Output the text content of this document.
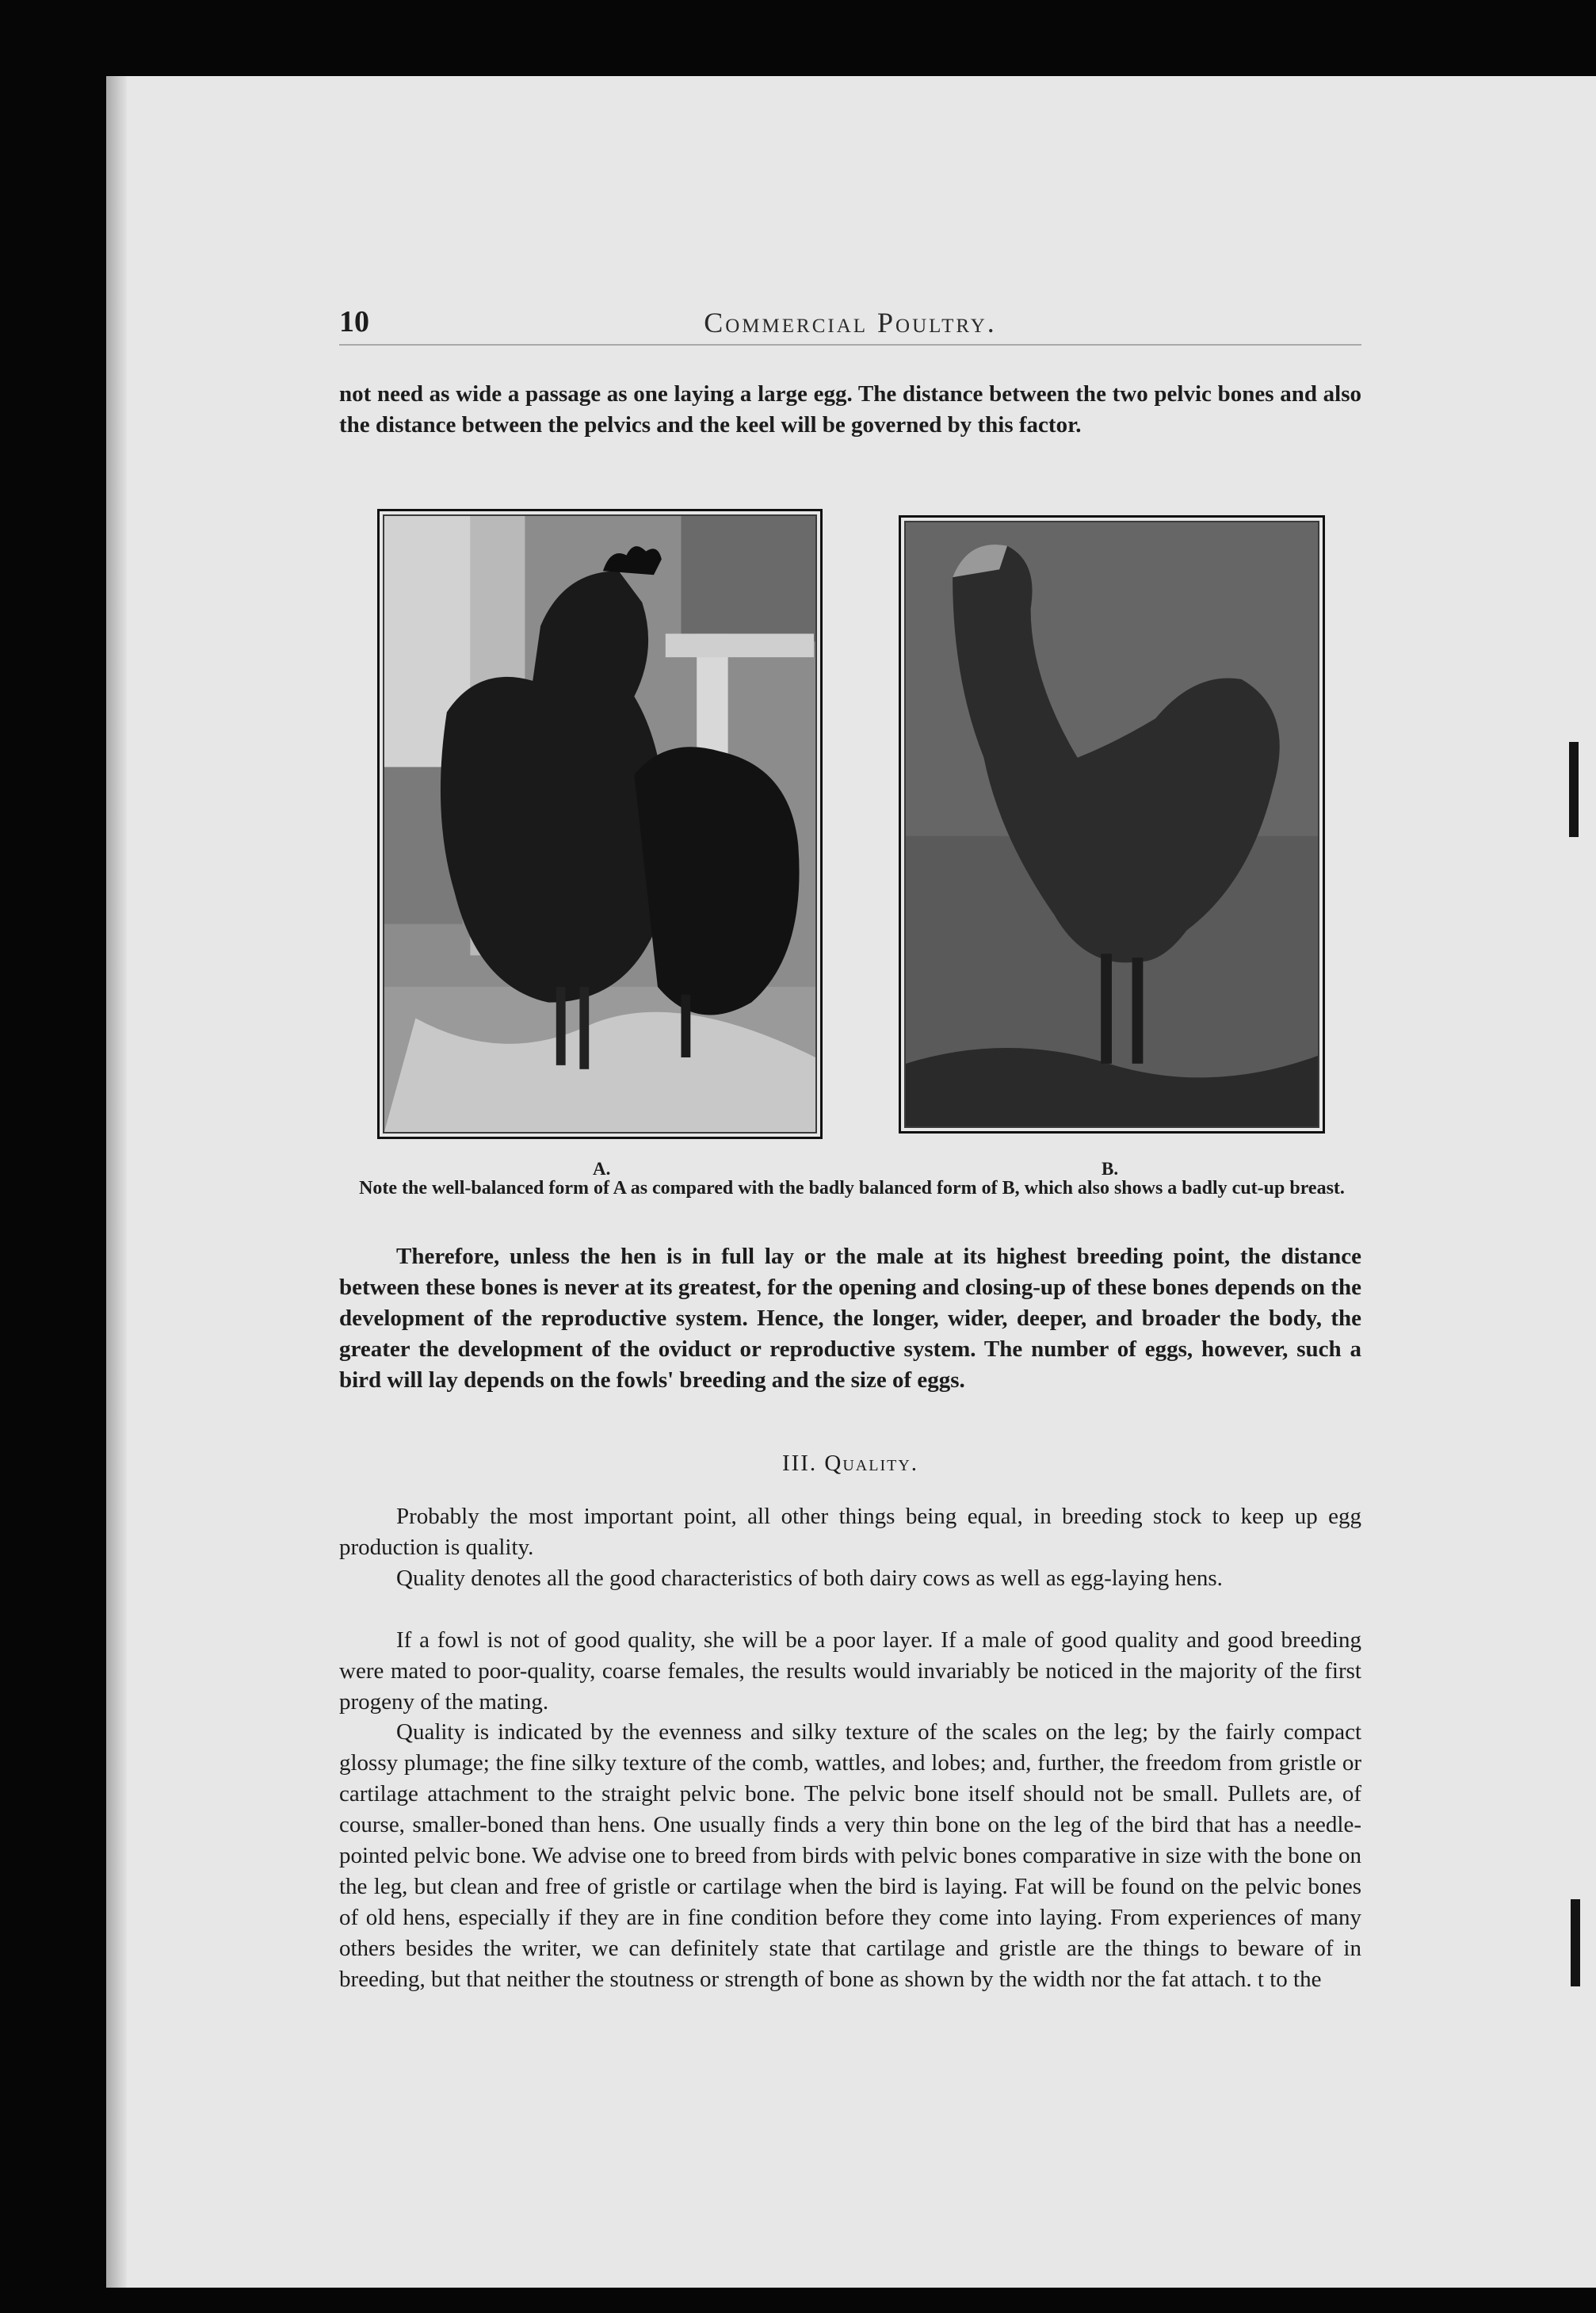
10	Commercial Poultry.

not need as wide a passage as one laying a large egg. The distance between the two pelvic bones and also the distance between the pelvics and the keel will be governed by this factor.

A.	B.

Note the well-balanced form of A as compared with the badly balanced form of B, which also shows a badly cut-up breast.

Therefore, unless the hen is in full lay or the male at its highest breeding point, the distance between these bones is never at its greatest, for the opening and closing-up of these bones depends on the development of the reproductive system. Hence, the longer, wider, deeper, and broader the body, the greater the development of the oviduct or reproductive system. The number of eggs, however, such a bird will lay depends on the fowls' breeding and the size of eggs.

III. Quality.

Probably the most important point, all other things being equal, in breeding stock to keep up egg production is quality.

Quality denotes all the good characteristics of both dairy cows as well as egg-laying hens.

If a fowl is not of good quality, she will be a poor layer. If a male of good quality and good breeding were mated to poor-quality, coarse females, the results would invariably be noticed in the majority of the first progeny of the mating.

Quality is indicated by the evenness and silky texture of the scales on the leg; by the fairly compact glossy plumage; the fine silky texture of the comb, wattles, and lobes; and, further, the freedom from gristle or cartilage attachment to the straight pelvic bone. The pelvic bone itself should not be small. Pullets are, of course, smaller-boned than hens. One usually finds a very thin bone on the leg of the bird that has a needle-pointed pelvic bone. We advise one to breed from birds with pelvic bones comparative in size with the bone on the leg, but clean and free of gristle or cartilage when the bird is laying. Fat will be found on the pelvic bones of old hens, especially if they are in fine condition before they come into laying. From experiences of many others besides the writer, we can definitely state that cartilage and gristle are the things to beware of in breeding, but that neither the stoutness or strength of bone as shown by the width nor the fat attach. t to the
